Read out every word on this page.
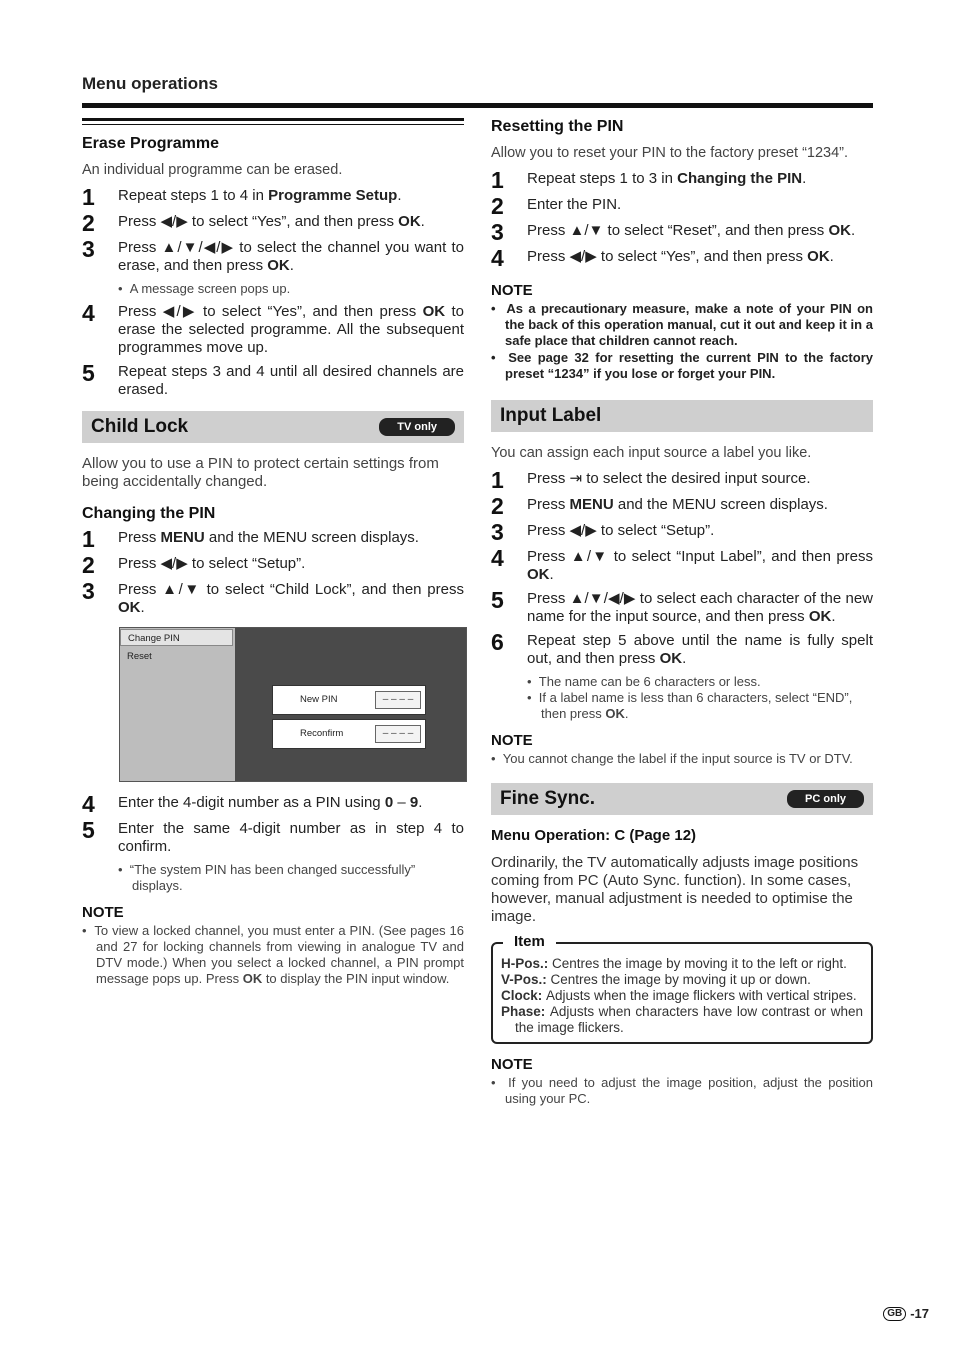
Menu operations
Erase Programme
An individual programme can be erased.
1	Repeat steps 1 to 4 in Programme Setup.
2	Press ◀/▶ to select “Yes”, and then press OK.
3	Press ▲/▼/◀/▶ to select the channel you want to erase, and then press OK.
•  A message screen pops up.
4	Press ◀/▶ to select “Yes”, and then press OK to erase the selected programme. All the subsequent programmes move up.
5	Repeat steps 3 and 4 until all desired channels are erased.
Child Lock	TV only
Allow you to use a PIN to protect certain settings from being accidentally changed.
Changing the PIN
1	Press MENU and the MENU screen displays.
2	Press ◀/▶ to select “Setup”.
3	Press ▲/▼ to select “Child Lock”, and then press OK.
Change PIN
Reset
New PIN	– – – –
Reconfirm	– – – –
4	Enter the 4-digit number as a PIN using 0 – 9.
5	Enter the same 4-digit number as in step 4 to confirm.
•  “The system PIN has been changed successfully” displays.
NOTE
•  To view a locked channel, you must enter a PIN. (See pages 16 and 27 for locking channels from viewing in analogue TV and DTV mode.) When you select a locked channel, a PIN prompt message pops up. Press OK to display the PIN input window.
Resetting the PIN
Allow you to reset your PIN to the factory preset “1234”.
1	Repeat steps 1 to 3 in Changing the PIN.
2	Enter the PIN.
3	Press ▲/▼ to select “Reset”, and then press OK.
4	Press ◀/▶ to select “Yes”, and then press OK.
NOTE
•  As a precautionary measure, make a note of your PIN on the back of this operation manual, cut it out and keep it in a safe place that children cannot reach.
•  See page 32 for resetting the current PIN to the factory preset “1234” if you lose or forget your PIN.
Input Label
You can assign each input source a label you like.
1	Press ⇥ to select the desired input source.
2	Press MENU and the MENU screen displays.
3	Press ◀/▶ to select “Setup”.
4	Press ▲/▼ to select “Input Label”, and then press OK.
5	Press ▲/▼/◀/▶ to select each character of the new name for the input source, and then press OK.
6	Repeat step 5 above until the name is fully spelt out, and then press OK.
•  The name can be 6 characters or less.
•  If a label name is less than 6 characters, select “END”, then press OK.
NOTE
•  You cannot change the label if the input source is TV or DTV.
Fine Sync.	PC only
Menu Operation: C (Page 12)
Ordinarily, the TV automatically adjusts image positions coming from PC (Auto Sync. function). In some cases, however, manual adjustment is needed to optimise the image.
Item
H-Pos.: Centres the image by moving it to the left or right.
V-Pos.: Centres the image by moving it up or down.
Clock: Adjusts when the image flickers with vertical stripes.
Phase: Adjusts when characters have low contrast or when the image flickers.
NOTE
•  If you need to adjust the image position, adjust the position using your PC.
GB -17
